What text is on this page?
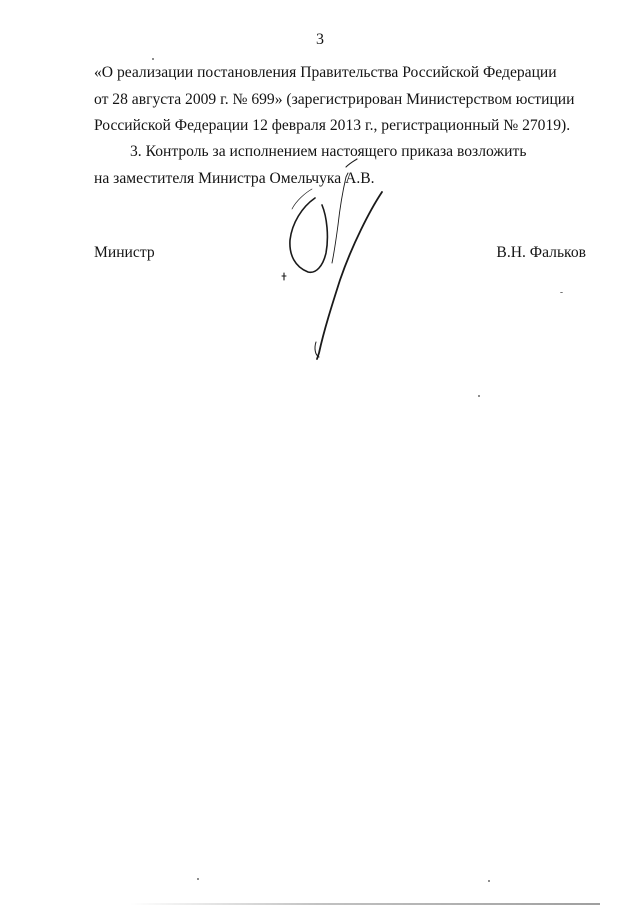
3
«О реализации постановления Правительства Российской Федерации
от 28 августа 2009 г. № 699» (зарегистрирован Министерством юстиции
Российской Федерации 12 февраля 2013 г., регистрационный № 27019).
3. Контроль за исполнением настоящего приказа возложить
на заместителя Министра Омельчука А.В.
Министр	В.Н. Фальков
